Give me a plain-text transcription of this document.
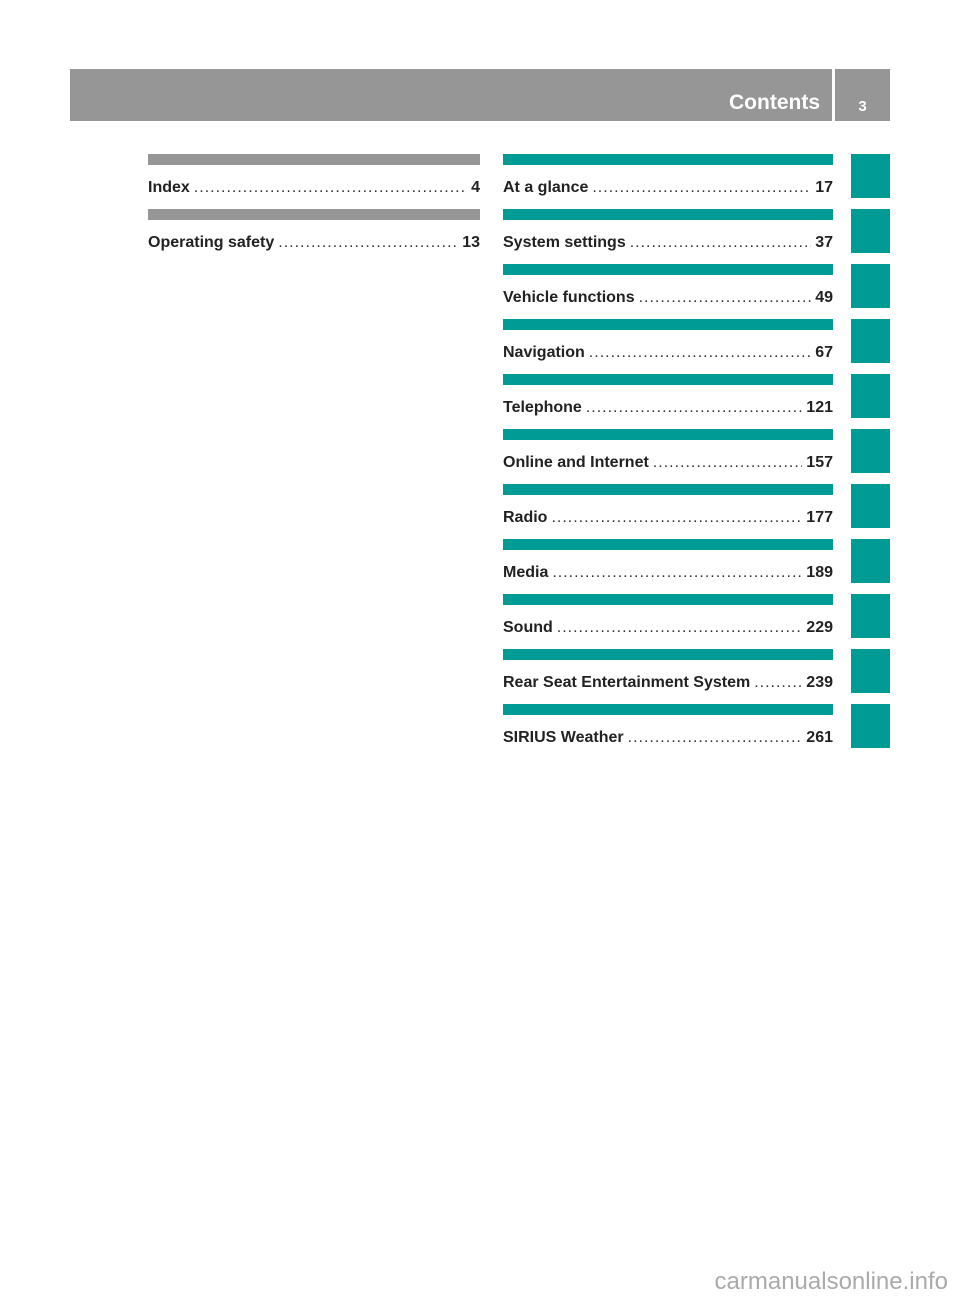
Contents	3
Index .....	4
Operating safety .....	13
At a glance .....	17
System settings .....	37
Vehicle functions .....	49
Navigation .....	67
Telephone .....	121
Online and Internet .....	157
Radio .....	177
Media .....	189
Sound .....	229
Rear Seat Entertainment System .....	239
SIRIUS Weather .....	261
carmanualsonline.info
